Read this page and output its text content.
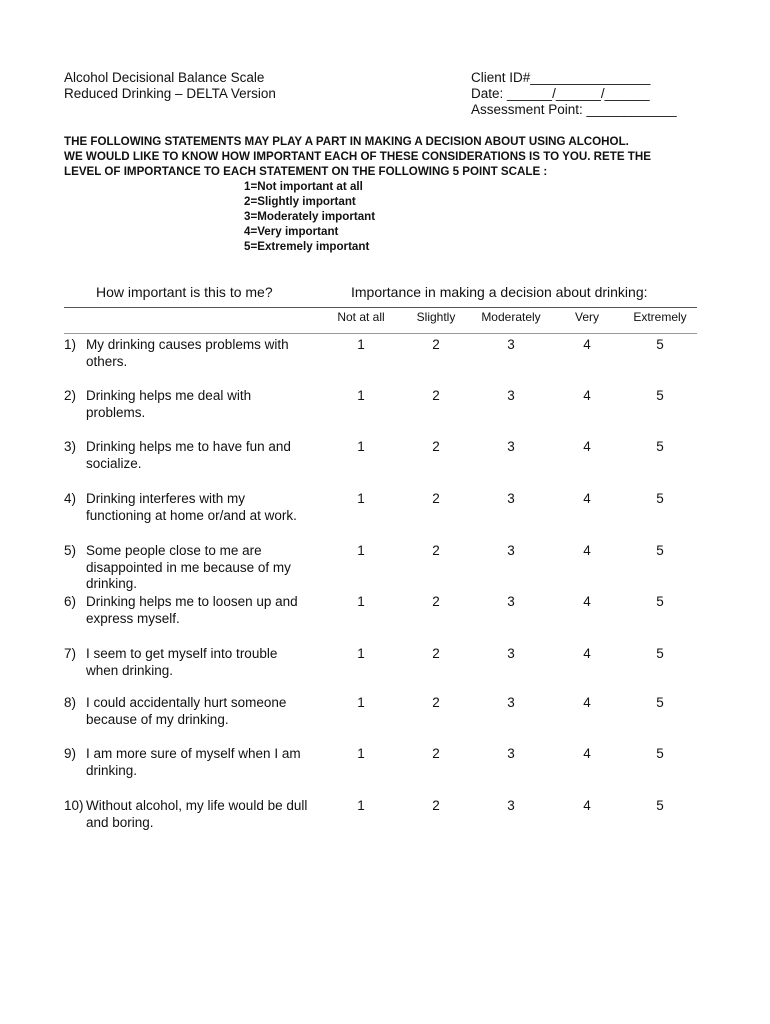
Alcohol Decisional Balance Scale
Reduced Drinking – DELTA Version
Client ID#________________
Date: ______/______/______
Assessment Point: ____________
THE FOLLOWING STATEMENTS MAY PLAY A PART IN MAKING A DECISION ABOUT USING ALCOHOL.
WE WOULD LIKE TO KNOW HOW IMPORTANT EACH OF THESE CONSIDERATIONS IS TO YOU. RETE THE
LEVEL OF IMPORTANCE TO EACH STATEMENT ON THE FOLLOWING 5 POINT SCALE :
1=Not important at all
2=Slightly important
3=Moderately important
4=Very important
5=Extremely important
How important is this to me?	Importance in making a decision about drinking:
Not at all	Slightly	Moderately	Very	Extremely
1) My drinking causes problems with
others.
1	2	3	4	5
2) Drinking helps me deal with
problems.
1	2	3	4	5
3) Drinking helps me to have fun and
socialize.
1	2	3	4	5
4) Drinking interferes with my
functioning at home or/and at work.
1	2	3	4	5
5) Some people close to me are
disappointed in me because of my
drinking.
1	2	3	4	5
6) Drinking helps me to loosen up and
express myself.
1	2	3	4	5
7) I seem to get myself into trouble
when drinking.
1	2	3	4	5
8) I could accidentally hurt someone
because of my drinking.
1	2	3	4	5
9) I am more sure of myself when I am
drinking.
1	2	3	4	5
10) Without alcohol, my life would be dull
and boring.
1	2	3	4	5
